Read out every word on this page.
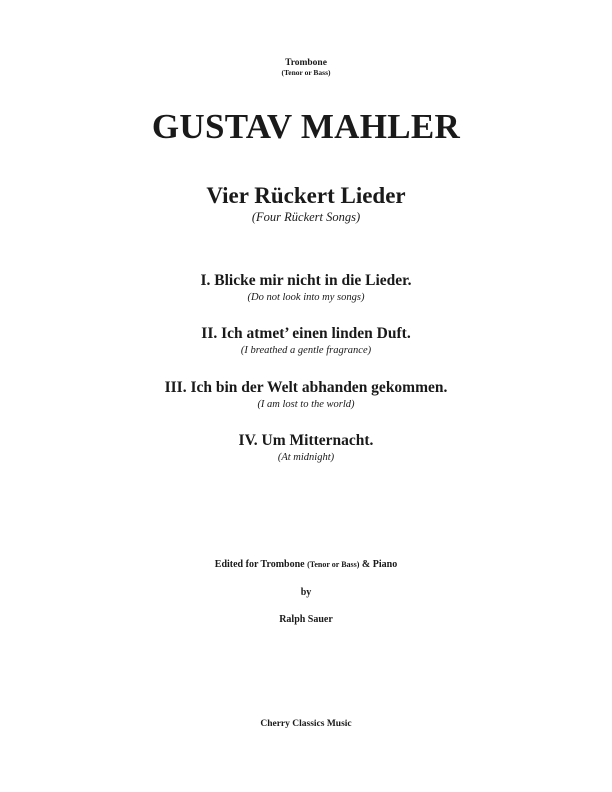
Trombone
(Tenor or Bass)
GUSTAV MAHLER
Vier Rückert Lieder
(Four Rückert Songs)
I. Blicke mir nicht in die Lieder.
(Do not look into my songs)
II. Ich atmet’ einen linden Duft.
(I breathed a gentle fragrance)
III. Ich bin der Welt abhanden gekommen.
(I am lost to the world)
IV. Um Mitternacht.
(At midnight)
Edited for Trombone (Tenor or Bass) & Piano
by
Ralph Sauer
Cherry Classics Music
